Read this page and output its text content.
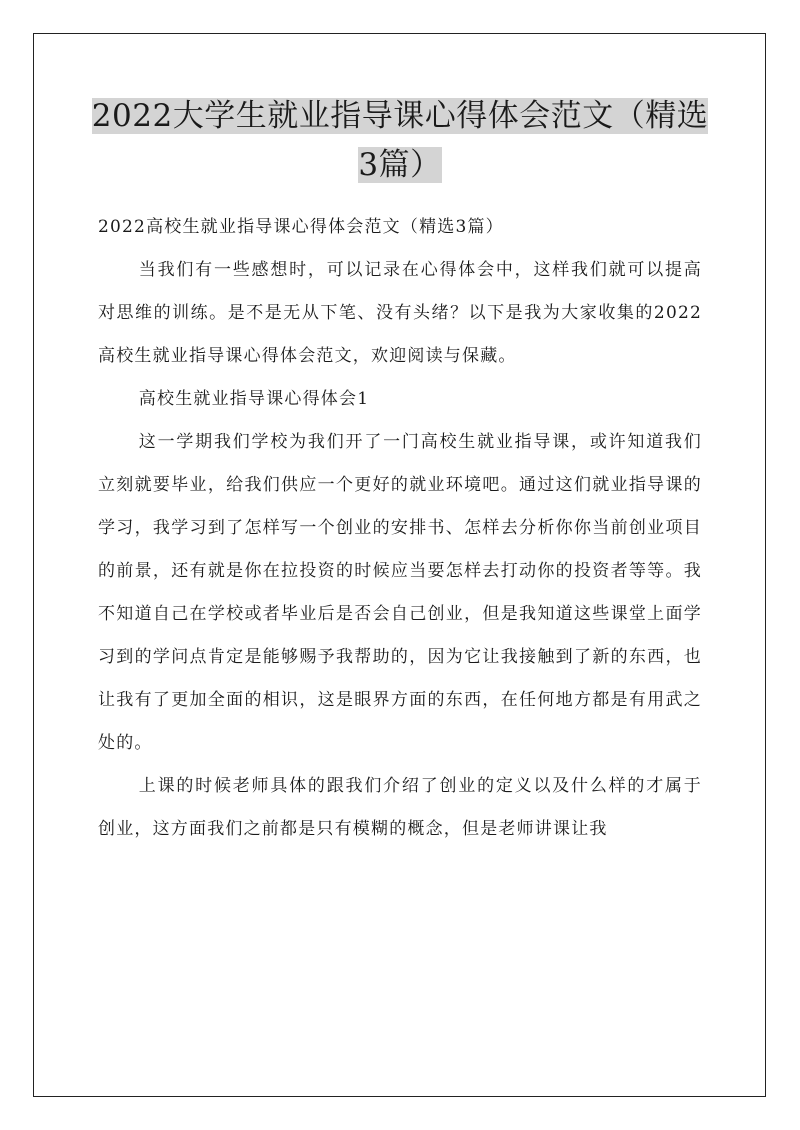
2022大学生就业指导课心得体会范文（精选3篇）

2022高校生就业指导课心得体会范文（精选3篇）

当我们有一些感想时，可以记录在心得体会中，这样我们就可以提高对思维的训练。是不是无从下笔、没有头绪？以下是我为大家收集的2022高校生就业指导课心得体会范文，欢迎阅读与保藏。

高校生就业指导课心得体会1

这一学期我们学校为我们开了一门高校生就业指导课，或许知道我们立刻就要毕业，给我们供应一个更好的就业环境吧。通过这们就业指导课的学习，我学习到了怎样写一个创业的安排书、怎样去分析你你当前创业项目的前景，还有就是你在拉投资的时候应当要怎样去打动你的投资者等等。我不知道自己在学校或者毕业后是否会自己创业，但是我知道这些课堂上面学习到的学问点肯定是能够赐予我帮助的，因为它让我接触到了新的东西，也让我有了更加全面的相识，这是眼界方面的东西，在任何地方都是有用武之处的。

上课的时候老师具体的跟我们介绍了创业的定义以及什么样的才属于创业，这方面我们之前都是只有模糊的概念，但是老师讲课让我
